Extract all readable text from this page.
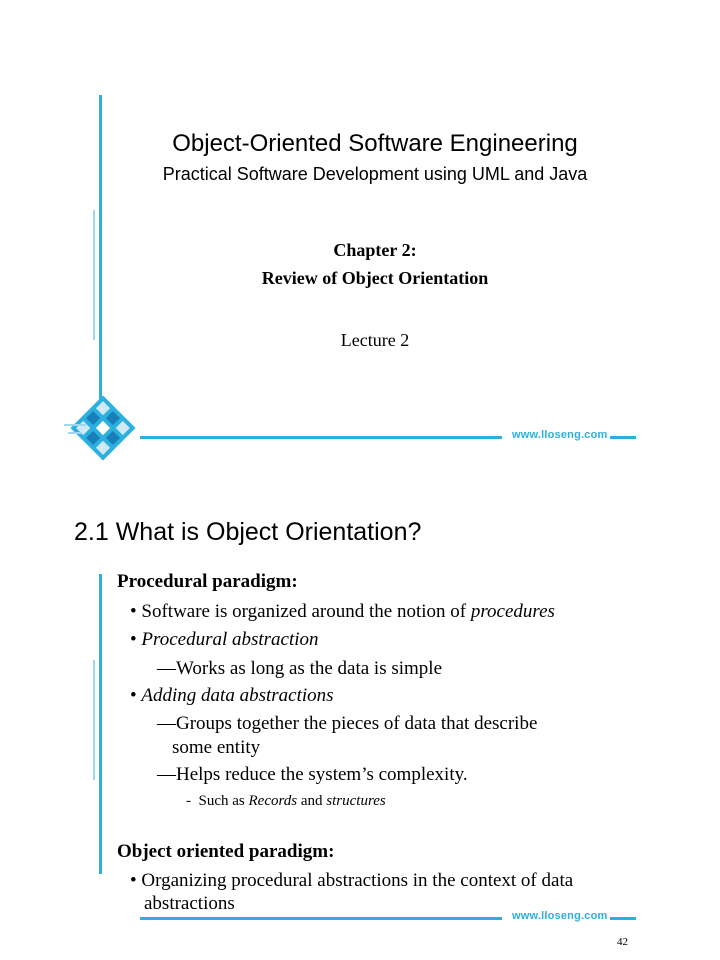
www.lloseng.com
Object-Oriented Software Engineering
Practical Software Development using UML and Java
Chapter 2:
Review of Object Orientation
Lecture 2
2.1 What is Object Orientation?
Procedural paradigm:
• Software is organized around the notion of procedures
• Procedural abstraction
—Works as long as the data is simple
• Adding data abstractions
—Groups together the pieces of data that describe
some entity
—Helps reduce the system’s complexity.
- Such as Records and structures
Object oriented paradigm:
• Organizing procedural abstractions in the context of data
abstractions
www.lloseng.com
42
